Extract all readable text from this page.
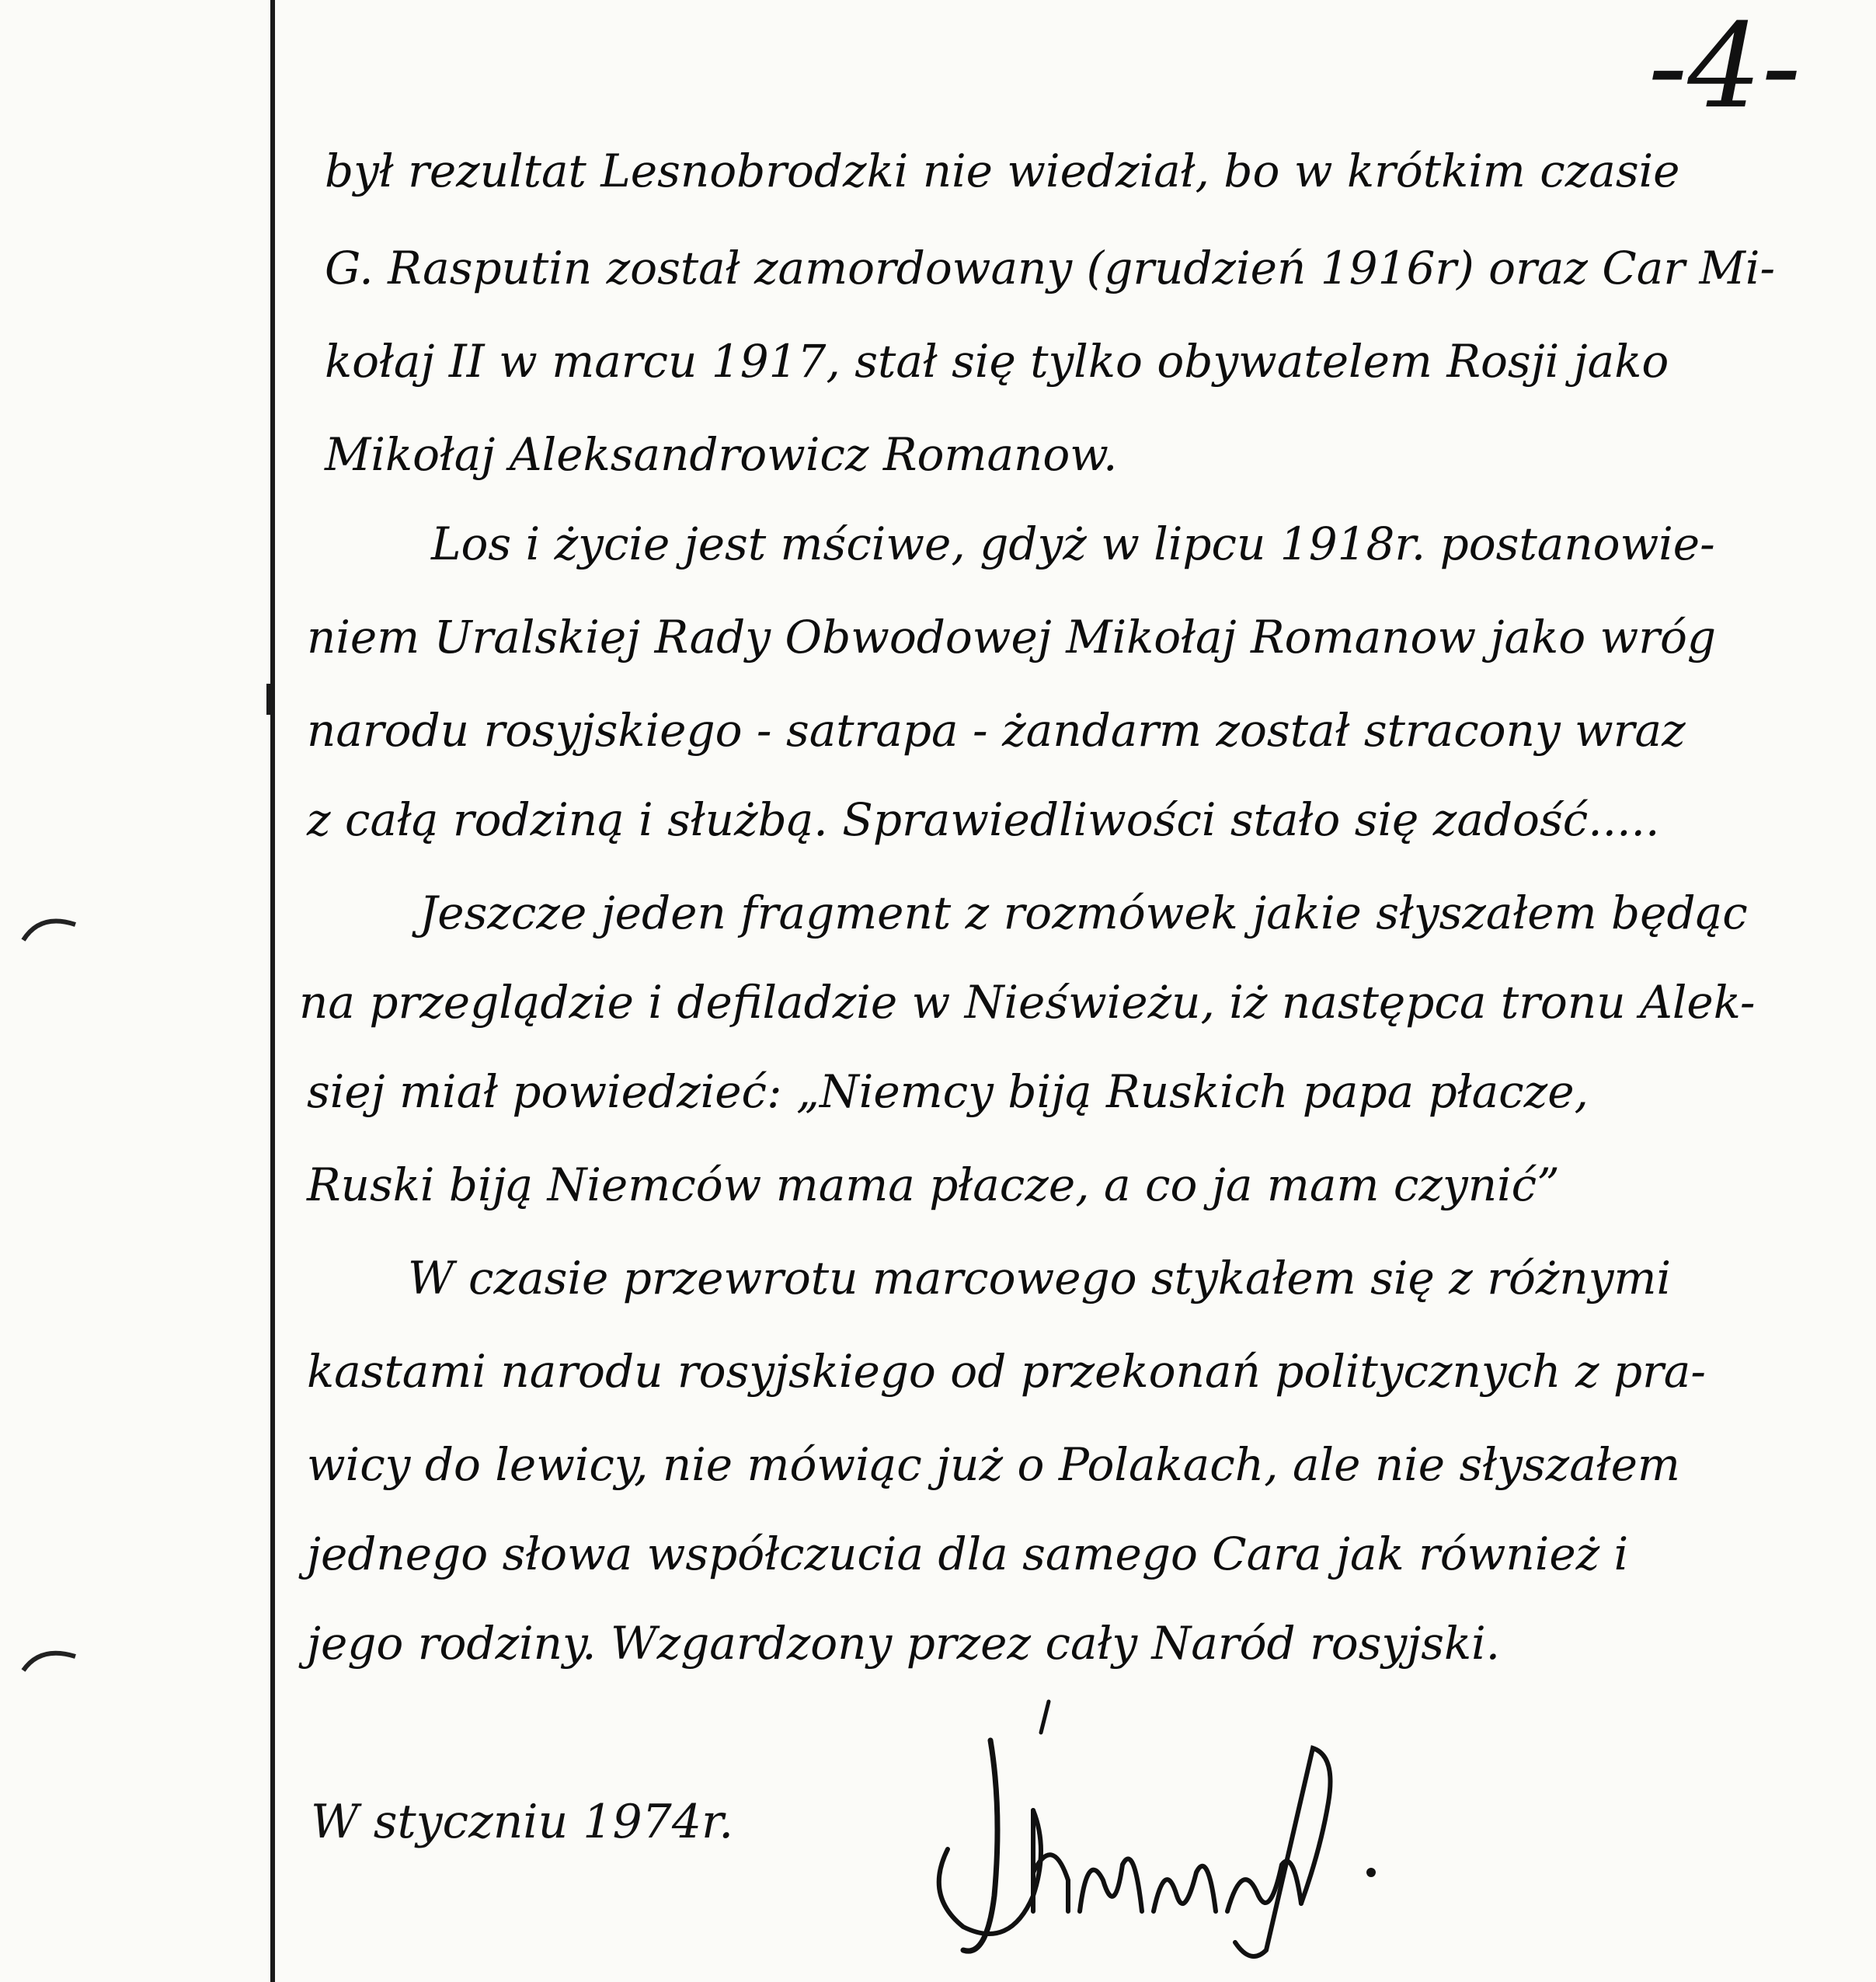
-4-
był rezultat Lesnobrodzki nie wiedział, bo w krótkim czasie
G. Rasputin został zamordowany (grudzień 1916r) oraz Car Mi-
kołaj II w marcu 1917, stał się tylko obywatelem Rosji jako
Mikołaj Aleksandrowicz Romanow.
Los i życie jest mściwe, gdyż w lipcu 1918r. postanowie-
niem Uralskiej Rady Obwodowej Mikołaj Romanow jako wróg
narodu rosyjskiego - satrapa - żandarm został stracony wraz
z całą rodziną i służbą. Sprawiedliwości stało się zadość.....
Jeszcze jeden fragment z rozmówek jakie słyszałem będąc
na przeglądzie i defiladzie w Nieświeżu, iż następca tronu Alek-
siej miał powiedzieć: „Niemcy biją Ruskich papa płacze,
Ruski biją Niemców mama płacze, a co ja mam czynić”
W czasie przewrotu marcowego stykałem się z różnymi
kastami narodu rosyjskiego od przekonań politycznych z pra-
wicy do lewicy, nie mówiąc już o Polakach, ale nie słyszałem
jednego słowa współczucia dla samego Cara jak również i
jego rodziny. Wzgardzony przez cały Naród rosyjski.
W styczniu 1974r.
